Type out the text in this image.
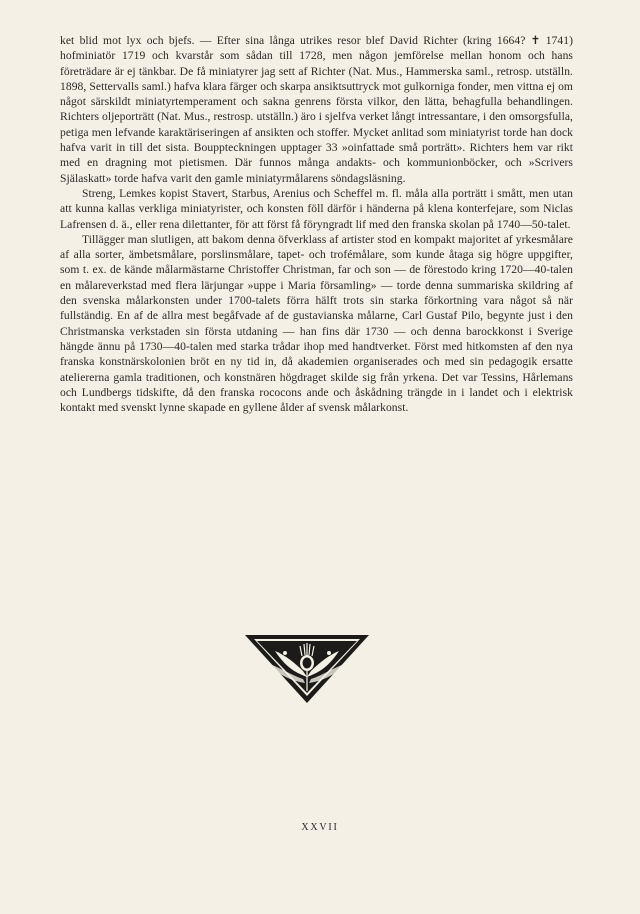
ket blid mot lyx och bjefs. — Efter sina långa utrikes resor blef David Richter (kring 1664? ✝ 1741) hofminiatör 1719 och kvarstår som sådan till 1728, men någon jemförelse mellan honom och hans företrädare är ej tänkbar. De få miniatyrer jag sett af Richter (Nat. Mus., Hammerska saml., retrosp. utställn. 1898, Settervalls saml.) hafva klara färger och skarpa ansiktsuttryck mot gulkorniga fonder, men vittna ej om något särskildt miniatyrtemperament och sakna genrens första vilkor, den lätta, behagfulla behandlingen. Richters oljeporträtt (Nat. Mus., restrosp. utställn.) äro i sjelfva verket långt intressantare, i den omsorgsfulla, petiga men lefvande karaktäriseringen af ansikten och stoffer. Mycket anlitad som miniatyrist torde han dock hafva varit in till det sista. Bouppteckningen upptager 33 »oinfattade små porträtt». Richters hem var rikt med en dragning mot pietismen. Där funnos många andakts- och kommunionböcker, och »Scrivers Själaskatt» torde hafva varit den gamle miniatyrmålarens söndagsläsning.

Streng, Lemkes kopist Stavert, Starbus, Arenius och Scheffel m. fl. måla alla porträtt i smått, men utan att kunna kallas verkliga miniatyrister, och konsten föll därför i händerna på klena konterfejare, som Niclas Lafrensen d. ä., eller rena dilettanter, för att först få föryngradt lif med den franska skolan på 1740—50-talet.

Tillägger man slutligen, att bakom denna öfverklass af artister stod en kompakt majoritet af yrkesmålare af alla sorter, ämbetsmålare, porslinsmålare, tapet- och trofémålare, som kunde åtaga sig högre uppgifter, som t. ex. de kände målarmästarne Christoffer Christman, far och son — de förestodo kring 1720—40-talen en målareverkstad med flera lärjungar »uppe i Maria församling» — torde denna summariska skildring af den svenska målarkonsten under 1700-talets förra hälft trots sin starka förkortning vara något så när fullständig. En af de allra mest begåfvade af de gustavianska målarne, Carl Gustaf Pilo, begynte just i den Christmanska verkstaden sin första utdaning — han fins där 1730 — och denna barockkonst i Sverige hängde ännu på 1730—40-talen med starka trådar ihop med handtverket. Först med hitkomsten af den nya franska konstnärskolonien bröt en ny tid in, då akademien organiserades och med sin pedagogik ersatte ateliererna gamla traditionen, och konstnären högdraget skilde sig från yrkena. Det var Tessins, Hårlemans och Lundbergs tidskifte, då den franska rococons ande och åskådning trängde in i landet och i elektrisk kontakt med svenskt lynne skapade en gyllene ålder af svensk målarkonst.

XXVII
